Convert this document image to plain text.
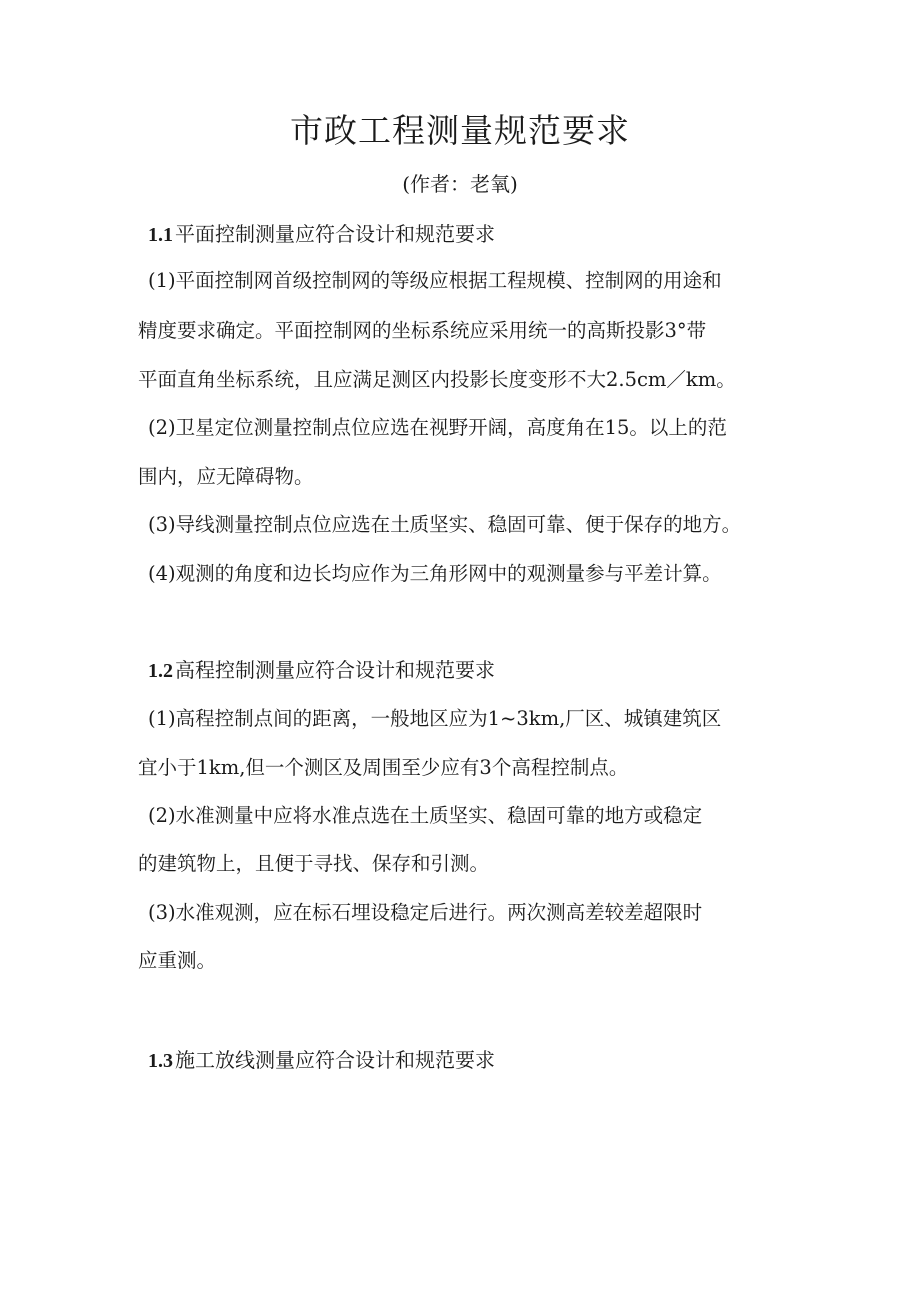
市政工程测量规范要求

(作者：老氧)

1.1 平面控制测量应符合设计和规范要求

(1)平面控制网首级控制网的等级应根据工程规模、控制网的用途和

精度要求确定。平面控制网的坐标系统应采用统一的高斯投影3°带

平面直角坐标系统，且应满足测区内投影长度变形不大2.5cm／km。

(2)卫星定位测量控制点位应选在视野开阔，高度角在15。以上的范

围内，应无障碍物。

(3)导线测量控制点位应选在土质坚实、稳固可靠、便于保存的地方。

(4)观测的角度和边长均应作为三角形网中的观测量参与平差计算。

1.2 高程控制测量应符合设计和规范要求

(1)高程控制点间的距离，一般地区应为1~3km,厂区、城镇建筑区

宜小于1km,但一个测区及周围至少应有3个高程控制点。

(2)水准测量中应将水准点选在土质坚实、稳固可靠的地方或稳定

的建筑物上，且便于寻找、保存和引测。

(3)水准观测，应在标石埋设稳定后进行。两次测高差较差超限时

应重测。

1.3 施工放线测量应符合设计和规范要求
